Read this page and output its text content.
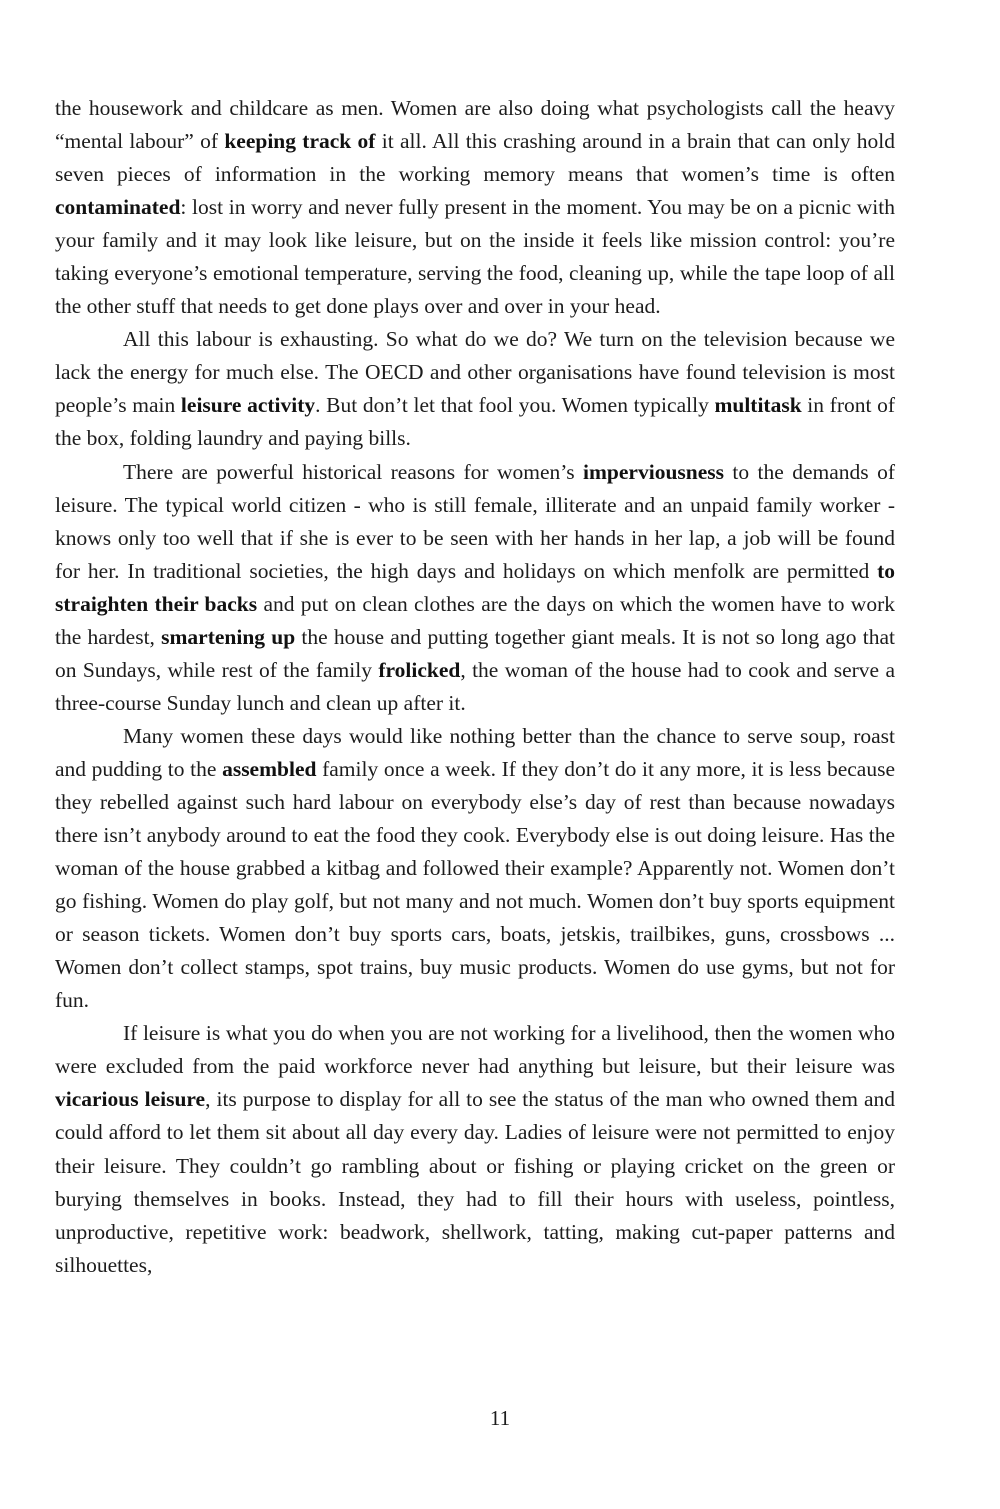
the housework and childcare as men. Women are also doing what psychologists call the heavy “mental labour” of keeping track of it all. All this crashing around in a brain that can only hold seven pieces of information in the working memory means that women’s time is often contaminated: lost in worry and never fully present in the moment. You may be on a picnic with your family and it may look like leisure, but on the inside it feels like mission control: you’re taking everyone’s emotional temperature, serving the food, cleaning up, while the tape loop of all the other stuff that needs to get done plays over and over in your head.

All this labour is exhausting. So what do we do? We turn on the television because we lack the energy for much else. The OECD and other organisations have found television is most people’s main leisure activity. But don’t let that fool you. Women typically multitask in front of the box, folding laundry and paying bills.

There are powerful historical reasons for women’s imperviousness to the demands of leisure. The typical world citizen - who is still female, illiterate and an unpaid family worker - knows only too well that if she is ever to be seen with her hands in her lap, a job will be found for her. In traditional societies, the high days and holidays on which menfolk are permitted to straighten their backs and put on clean clothes are the days on which the women have to work the hardest, smartening up the house and putting together giant meals. It is not so long ago that on Sundays, while rest of the family frolicked, the woman of the house had to cook and serve a three-course Sunday lunch and clean up after it.

Many women these days would like nothing better than the chance to serve soup, roast and pudding to the assembled family once a week. If they don’t do it any more, it is less because they rebelled against such hard labour on everybody else’s day of rest than because nowadays there isn’t anybody around to eat the food they cook. Everybody else is out doing leisure. Has the woman of the house grabbed a kitbag and followed their example? Apparently not. Women don’t go fishing. Women do play golf, but not many and not much. Women don’t buy sports equipment or season tickets. Women don’t buy sports cars, boats, jetskis, trailbikes, guns, crossbows ... Women don’t collect stamps, spot trains, buy music products. Women do use gyms, but not for fun.

If leisure is what you do when you are not working for a livelihood, then the women who were excluded from the paid workforce never had anything but leisure, but their leisure was vicarious leisure, its purpose to display for all to see the status of the man who owned them and could afford to let them sit about all day every day. Ladies of leisure were not permitted to enjoy their leisure. They couldn’t go rambling about or fishing or playing cricket on the green or burying themselves in books. Instead, they had to fill their hours with useless, pointless, unproductive, repetitive work: beadwork, shellwork, tatting, making cut-paper patterns and silhouettes,

11
